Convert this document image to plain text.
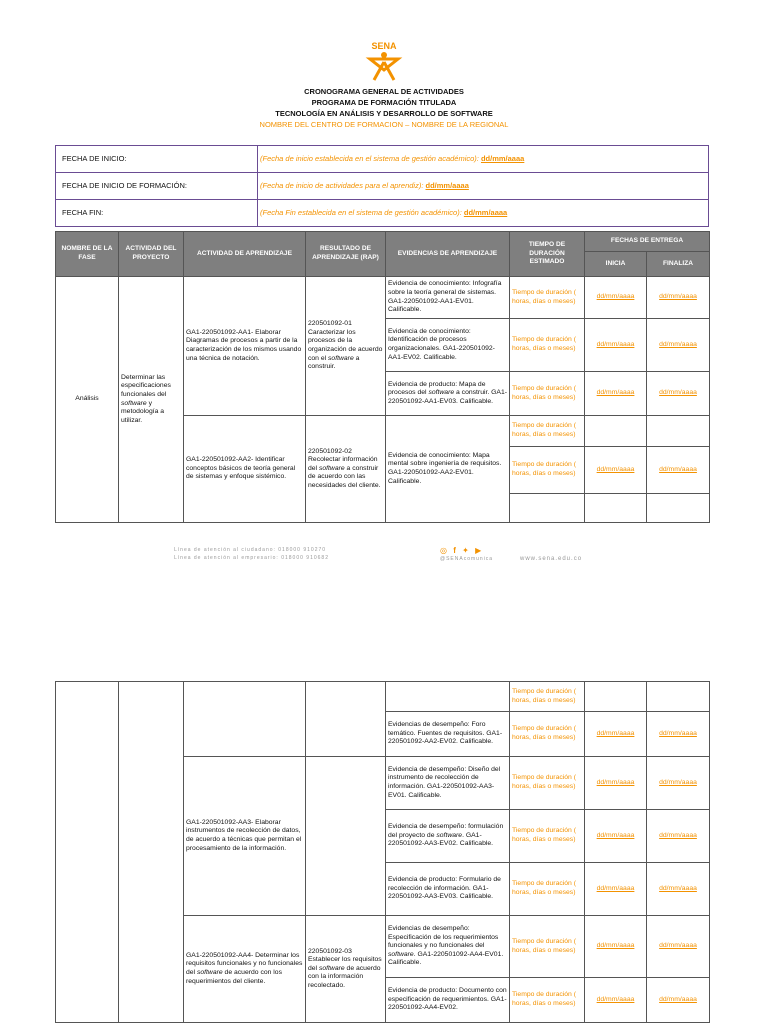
SENA
CRONOGRAMA GENERAL DE ACTIVIDADES
PROGRAMA DE FORMACIÓN TITULADA
TECNOLOGÍA EN ANÁLISIS Y DESARROLLO DE SOFTWARE
NOMBRE DEL CENTRO DE FORMACION – NOMBRE DE LA REGIONAL
FECHA DE INICIO:	(Fecha de inicio establecida en el sistema de gestión académico): dd/mm/aaaa
FECHA DE INICIO DE FORMACIÓN:	(Fecha de inicio de actividades para el aprendiz): dd/mm/aaaa
FECHA FIN:	(Fecha Fin establecida en el sistema de gestión académico): dd/mm/aaaa
NOMBRE DE LA FASE	ACTIVIDAD DEL PROYECTO	ACTIVIDAD DE APRENDIZAJE	RESULTADO DE APRENDIZAJE (RAP)	EVIDENCIAS DE APRENDIZAJE	TIEMPO DE DURACIÓN ESTIMADO	FECHAS DE ENTREGA	
						INICIA	FINALIZA
Análisis	Determinar las especificaciones funcionales del software y metodología a utilizar.	GA1-220501092-AA1- Elaborar Diagramas de procesos a partir de la caracterización de los mismos usando una técnica de notación.	220501092-01 Caracterizar los procesos de la organización de acuerdo con el software a construir.	Evidencia de conocimiento: Infografía sobre la teoría general de sistemas. GA1-220501092-AA1-EV01. Calificable.	Tiempo de duración ( horas, días o meses)	dd/mm/aaaa	dd/mm/aaaa
				Evidencia de conocimiento: Identificación de procesos organizacionales. GA1-220501092-AA1-EV02. Calificable.	Tiempo de duración ( horas, días o meses)	dd/mm/aaaa	dd/mm/aaaa
				Evidencia de producto: Mapa de procesos del software a construir. GA1-220501092-AA1-EV03. Calificable.	Tiempo de duración ( horas, días o meses)	dd/mm/aaaa	dd/mm/aaaa
		GA1-220501092-AA2- Identificar conceptos básicos de teoría general de sistemas y enfoque sistémico.	220501092-02 Recolectar información del software a construir de acuerdo con las necesidades del cliente.	Evidencia de conocimiento: Mapa mental sobre ingeniería de requisitos. GA1-220501092-AA2-EV01. Calificable.	Tiempo de duración ( horas, días o meses)		
					Tiempo de duración ( horas, días o meses)	dd/mm/aaaa	dd/mm/aaaa

Línea de atención al ciudadano: 018000 910270
Línea de atención al empresario: 018000 910682
◎ f ✦ ▶
@SENAcomunica	www.sena.edu.co
					Tiempo de duración ( horas, días o meses)		
				Evidencias de desempeño: Foro temático. Fuentes de requisitos. GA1-220501092-AA2-EV02. Calificable.	Tiempo de duración ( horas, días o meses)	dd/mm/aaaa	dd/mm/aaaa
		GA1-220501092-AA3- Elaborar instrumentos de recolección de datos, de acuerdo a técnicas que permitan el procesamiento de la información.		Evidencia de desempeño: Diseño del instrumento de recolección de información. GA1-220501092-AA3-EV01. Calificable.	Tiempo de duración ( horas, días o meses)	dd/mm/aaaa	dd/mm/aaaa
				Evidencia de desempeño: formulación del proyecto de software. GA1-220501092-AA3-EV02. Calificable.	Tiempo de duración ( horas, días o meses)	dd/mm/aaaa	dd/mm/aaaa
				Evidencia de producto: Formulario de recolección de información. GA1- 220501092-AA3-EV03. Calificable.	Tiempo de duración ( horas, días o meses)	dd/mm/aaaa	dd/mm/aaaa
		GA1-220501092-AA4- Determinar los requisitos funcionales y no funcionales del software de acuerdo con los requerimientos del cliente.	220501092-03 Establecer los requisitos del software de acuerdo con la información recolectado.	Evidencias de desempeño: Especificación de los requerimientos funcionales y no funcionales del software. GA1-220501092-AA4-EV01. Calificable.	Tiempo de duración ( horas, días o meses)	dd/mm/aaaa	dd/mm/aaaa
				Evidencia de producto: Documento con especificación de requerimientos. GA1-220501092-AA4-EV02.	Tiempo de duración ( horas, días o meses)	dd/mm/aaaa	dd/mm/aaaa
